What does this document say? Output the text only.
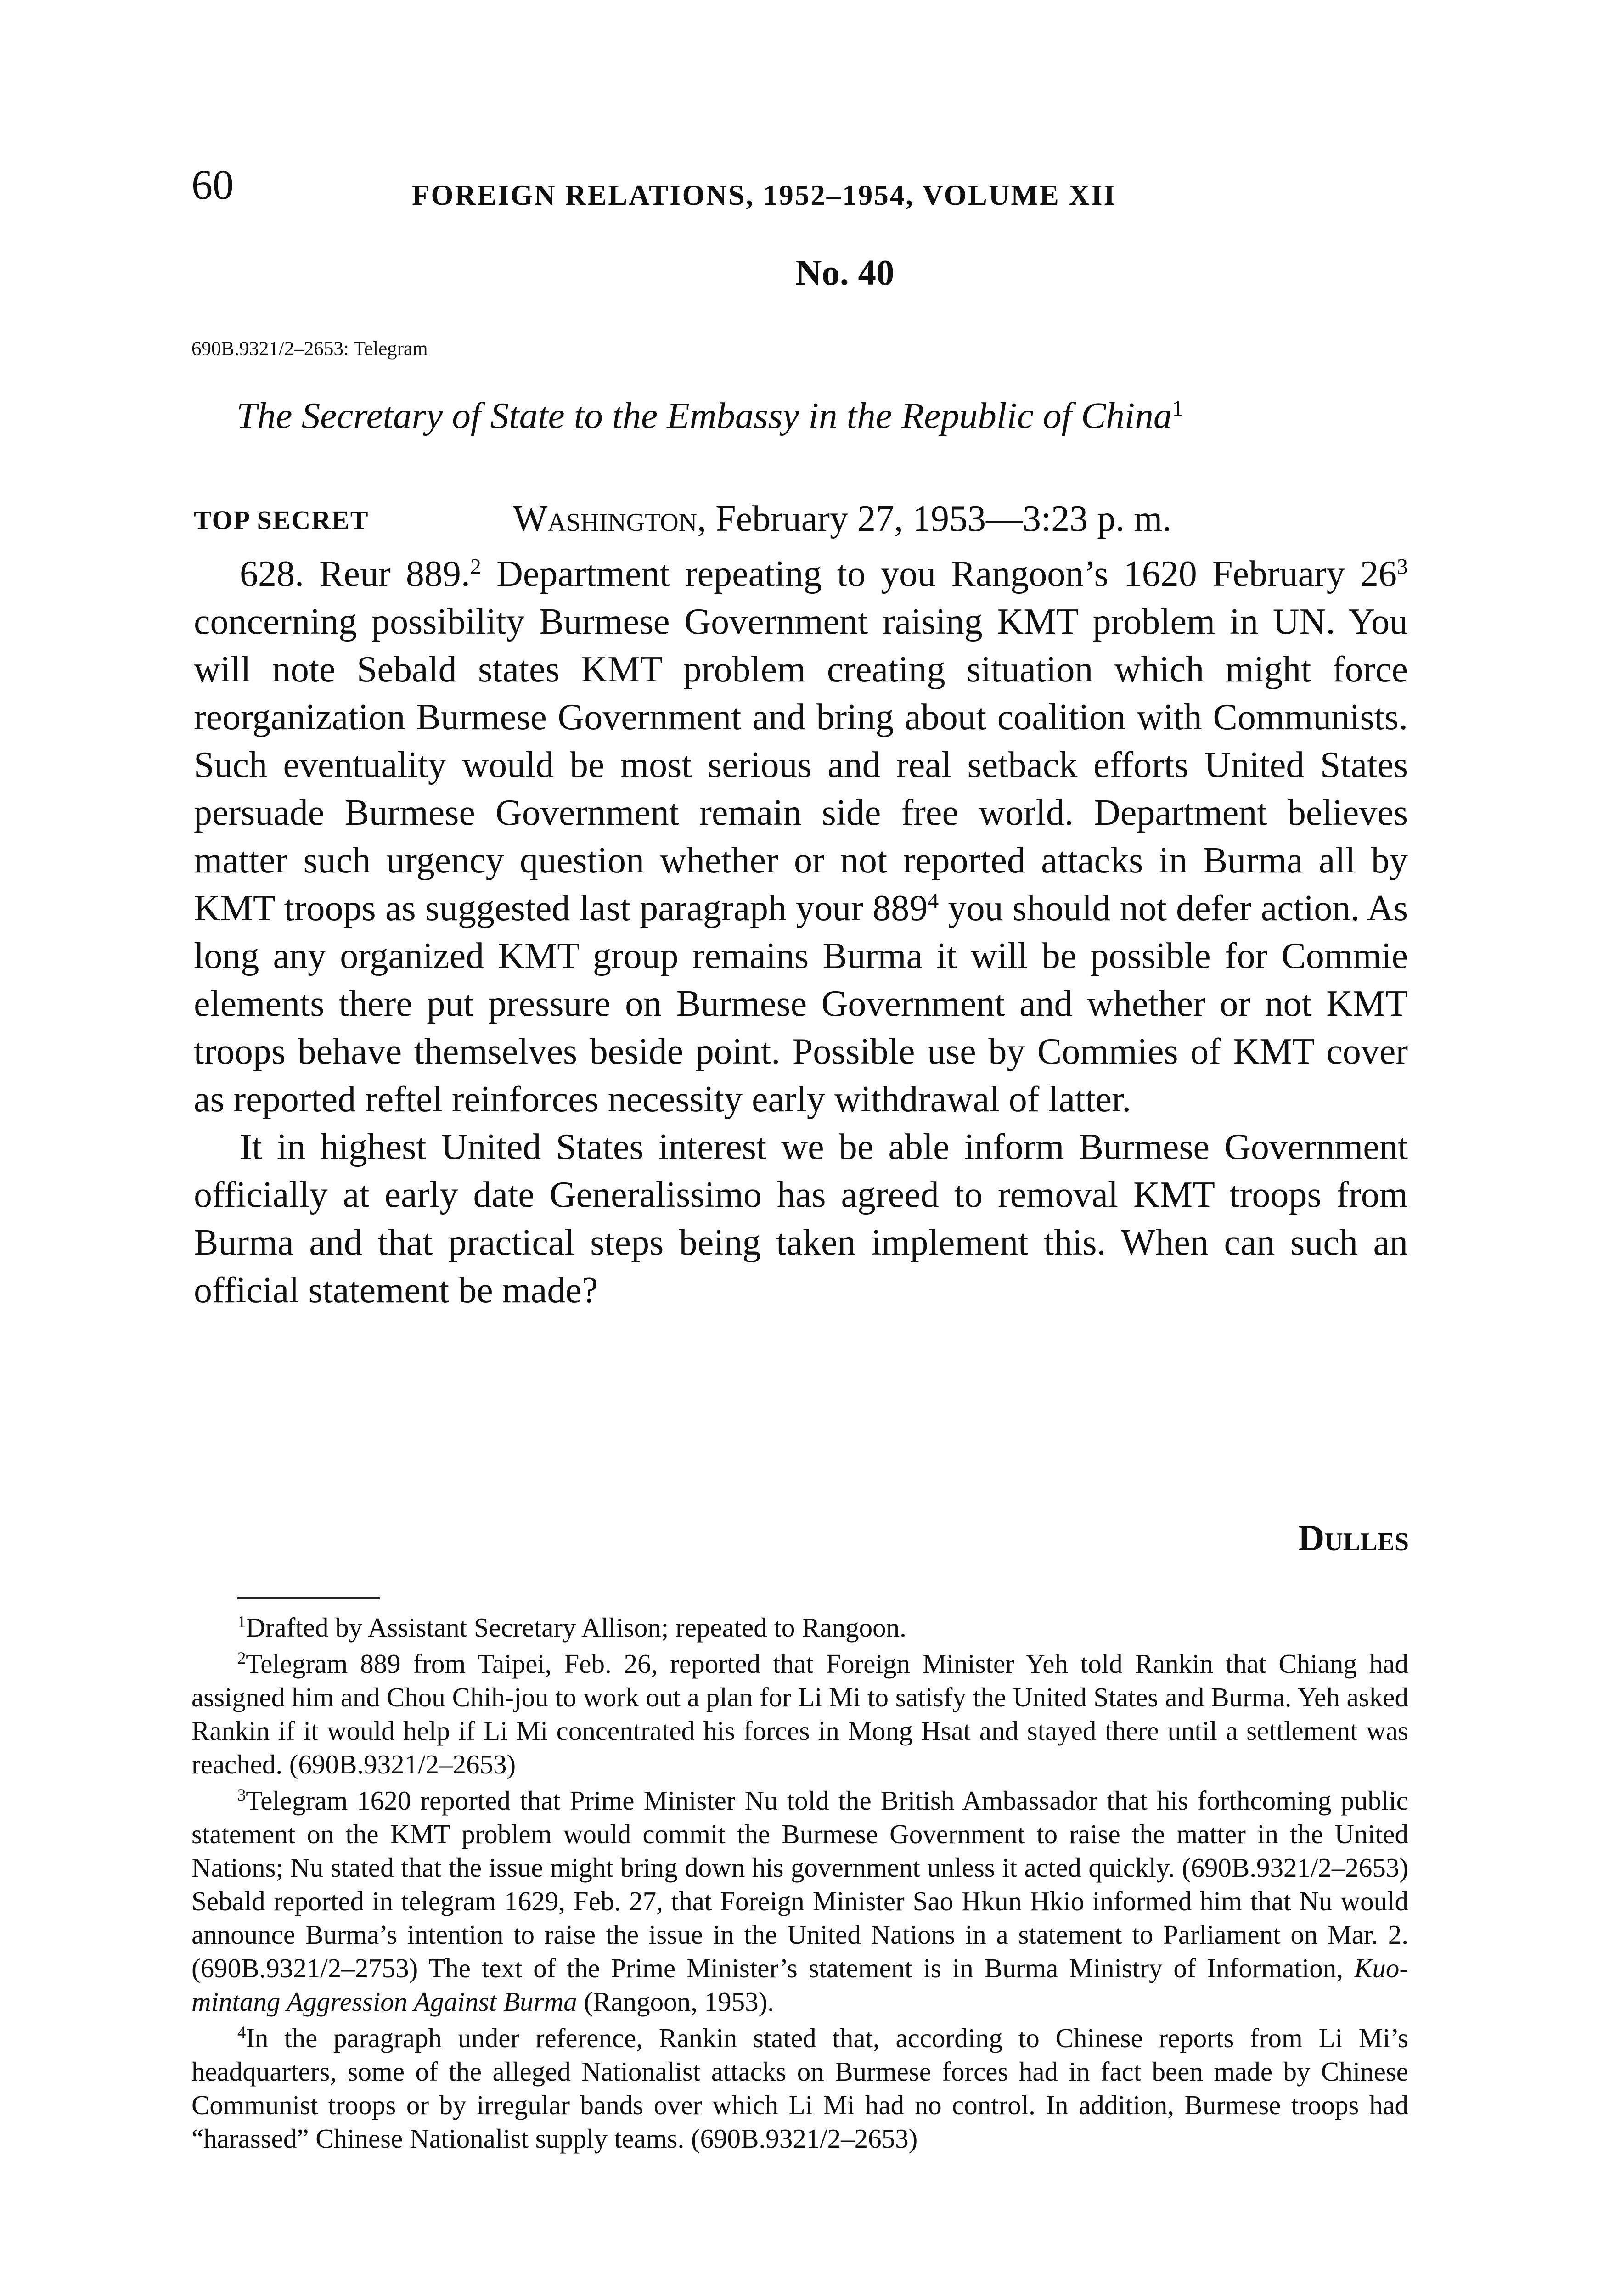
60	FOREIGN RELATIONS, 1952–1954, VOLUME XII
No. 40
690B.9321/2–2653: Telegram
The Secretary of State to the Embassy in the Republic of China$^1$
TOP SECRET	Washington, February 27, 1953—3:23 p. m.

628. Reur 889.$^2$ Department repeating to you Rangoon’s 1620 February 26$^3$ concerning possibility Burmese Government raising KMT problem in UN. You will note Sebald states KMT problem creating situation which might force reorganization Burmese Government and bring about coalition with Communists. Such eventuality would be most serious and real setback efforts United States persuade Burmese Government remain side free world. Department believes matter such urgency question whether or not reported attacks in Burma all by KMT troops as suggested last paragraph your 889$^4$ you should not defer action. As long any organized KMT group remains Burma it will be possible for Commie elements there put pressure on Burmese Government and whether or not KMT troops behave themselves beside point. Possible use by Commies of KMT cover as reported reftel reinforces necessity early withdrawal of latter.

It in highest United States interest we be able inform Burmese Government officially at early date Generalissimo has agreed to removal KMT troops from Burma and that practical steps being taken implement this. When can such an official statement be made?

Dulles

$^1$Drafted by Assistant Secretary Allison; repeated to Rangoon.

$^2$Telegram 889 from Taipei, Feb. 26, reported that Foreign Minister Yeh told Rankin that Chiang had assigned him and Chou Chih-jou to work out a plan for Li Mi to satisfy the United States and Burma. Yeh asked Rankin if it would help if Li Mi concentrated his forces in Mong Hsat and stayed there until a settlement was reached. (690B.9321/2–2653)

$^3$Telegram 1620 reported that Prime Minister Nu told the British Ambassador that his forthcoming public statement on the KMT problem would commit the Burmese Government to raise the matter in the United Nations; Nu stated that the issue might bring down his government unless it acted quickly. (690B.9321/2–2653) Sebald reported in telegram 1629, Feb. 27, that Foreign Minister Sao Hkun Hkio informed him that Nu would announce Burma’s intention to raise the issue in the United Nations in a statement to Parliament on Mar. 2. (690B.9321/2–2753) The text of the Prime Minister’s statement is in Burma Ministry of Information, Kuomintang Aggression Against Burma (Rangoon, 1953).

$^4$In the paragraph under reference, Rankin stated that, according to Chinese reports from Li Mi’s headquarters, some of the alleged Nationalist attacks on Burmese forces had in fact been made by Chinese Communist troops or by irregular bands over which Li Mi had no control. In addition, Burmese troops had “harassed” Chinese Nationalist supply teams. (690B.9321/2–2653)
